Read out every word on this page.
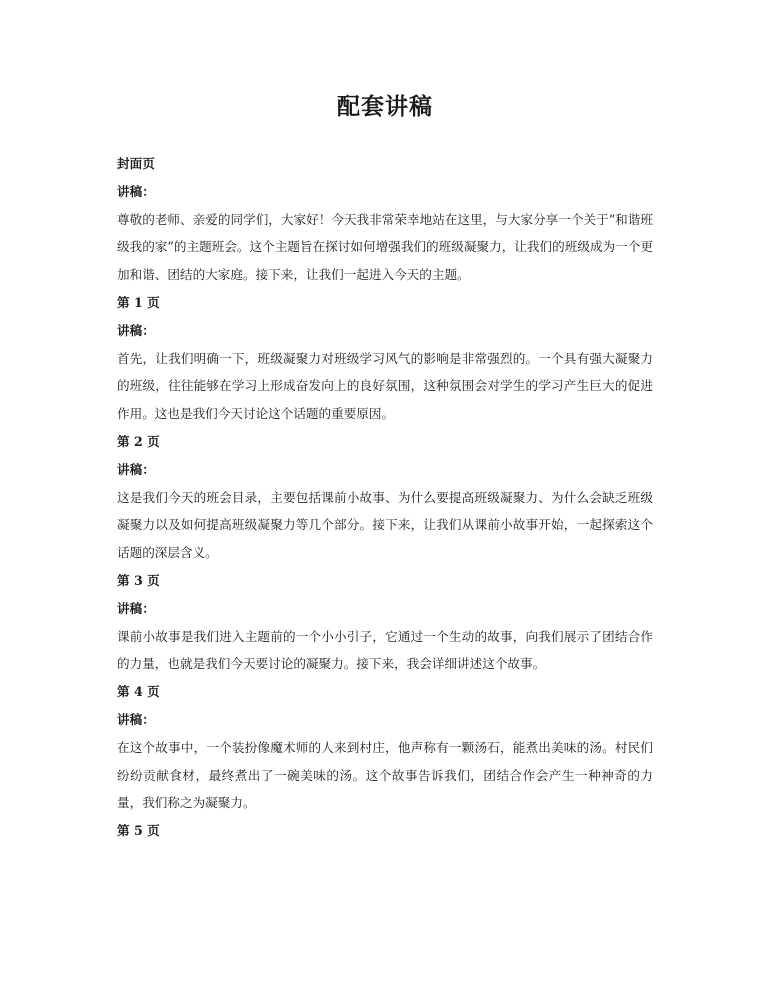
配套讲稿

封面页

讲稿：

尊敬的老师、亲爱的同学们，大家好！今天我非常荣幸地站在这里，与大家分享一个关于“和谐班级我的家”的主题班会。这个主题旨在探讨如何增强我们的班级凝聚力，让我们的班级成为一个更加和谐、团结的大家庭。接下来，让我们一起进入今天的主题。

第 1 页

讲稿：

首先，让我们明确一下，班级凝聚力对班级学习风气的影响是非常强烈的。一个具有强大凝聚力的班级，往往能够在学习上形成奋发向上的良好氛围，这种氛围会对学生的学习产生巨大的促进作用。这也是我们今天讨论这个话题的重要原因。

第 2 页

讲稿：

这是我们今天的班会目录，主要包括课前小故事、为什么要提高班级凝聚力、为什么会缺乏班级凝聚力以及如何提高班级凝聚力等几个部分。接下来，让我们从课前小故事开始，一起探索这个话题的深层含义。

第 3 页

讲稿：

课前小故事是我们进入主题前的一个小小引子，它通过一个生动的故事，向我们展示了团结合作的力量，也就是我们今天要讨论的凝聚力。接下来，我会详细讲述这个故事。

第 4 页

讲稿：

在这个故事中，一个装扮像魔术师的人来到村庄，他声称有一颗汤石，能煮出美味的汤。村民们纷纷贡献食材，最终煮出了一碗美味的汤。这个故事告诉我们，团结合作会产生一种神奇的力量，我们称之为凝聚力。

第 5 页
